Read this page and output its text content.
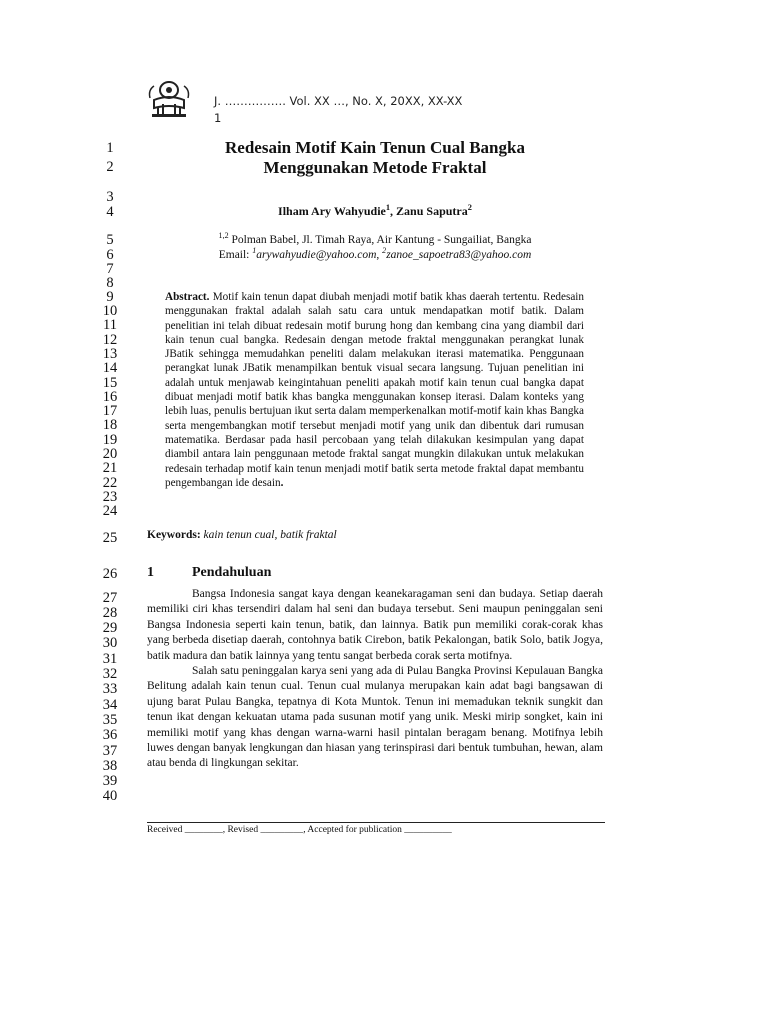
J. ……………. Vol. XX …, No. X, 20XX, XX-XX
1
Redesain Motif Kain Tenun Cual Bangka
Menggunakan Metode Fraktal
Ilham Ary Wahyudie$^1$, Zanu Saputra$^2$
$^{1,2}$ Polman Babel, Jl. Timah Raya, Air Kantung - Sungailiat, Bangka
Email: $^1$arywahyudie@yahoo.com, $^2$zanoe_sapoetra83@yahoo.com
Abstract. Motif kain tenun dapat diubah menjadi motif batik khas daerah tertentu. Redesain menggunakan fraktal adalah salah satu cara untuk mendapatkan motif batik. Dalam penelitian ini telah dibuat redesain motif burung hong dan kembang cina yang diambil dari kain tenun cual bangka. Redesain dengan metode fraktal menggunakan perangkat lunak JBatik sehingga memudahkan peneliti dalam melakukan iterasi matematika. Penggunaan perangkat lunak JBatik menampilkan bentuk visual secara langsung. Tujuan penelitian ini adalah untuk menjawab keingintahuan peneliti apakah motif kain tenun cual bangka dapat dibuat menjadi motif batik khas bangka menggunakan konsep iterasi. Dalam konteks yang lebih luas, penulis bertujuan ikut serta dalam memperkenalkan motif-motif kain khas Bangka serta mengembangkan motif tersebut menjadi motif yang unik dan dibentuk dari rumusan matematika. Berdasar pada hasil percobaan yang telah dilakukan kesimpulan yang dapat diambil antara lain penggunaan metode fraktal sangat mungkin dilakukan untuk melakukan redesain terhadap motif kain tenun menjadi motif batik serta metode fraktal dapat membantu pengembangan ide desain.
Keywords: kain tenun cual, batik fraktal
1	Pendahuluan

Bangsa Indonesia sangat kaya dengan keanekaragaman seni dan budaya. Setiap daerah memiliki ciri khas tersendiri dalam hal seni dan budaya tersebut. Seni maupun peninggalan seni Bangsa Indonesia seperti kain tenun, batik, dan lainnya. Batik pun memiliki corak-corak khas yang berbeda disetiap daerah, contohnya batik Cirebon, batik Pekalongan, batik Solo, batik Jogya, batik madura dan batik lainnya yang tentu sangat berbeda corak serta motifnya.

Salah satu peninggalan karya seni yang ada di Pulau Bangka Provinsi Kepulauan Bangka Belitung adalah kain tenun cual. Tenun cual mulanya merupakan kain adat bagi bangsawan di ujung barat Pulau Bangka, tepatnya di Kota Muntok. Tenun ini memadukan teknik sungkit dan tenun ikat dengan kekuatan utama pada susunan motif yang unik. Meski mirip songket, kain ini memiliki motif yang khas dengan warna-warni hasil pintalan beragam benang. Motifnya lebih luwes dengan banyak lengkungan dan hiasan yang terinspirasi dari bentuk tumbuhan, hewan, alam atau benda di lingkungan sekitar.

Received ________, Revised _________, Accepted for publication __________
1
2
3
4
5
6
7
8
9
10
11
12
13
14
15
16
17
18
19
20
21
22
23
24
25
26
27
28
29
30
31
32
33
34
35
36
37
38
39
40
